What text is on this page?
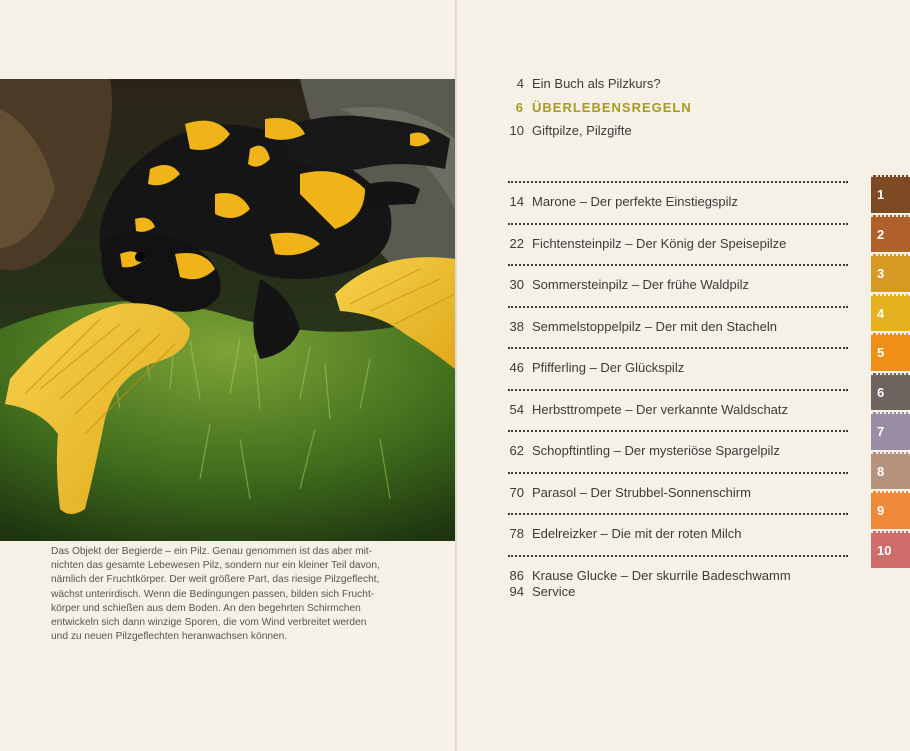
Das Objekt der Begierde – ein Pilz. Genau genommen ist das aber mit-
nichten das gesamte Lebewesen Pilz, sondern nur ein kleiner Teil davon,
nämlich der Fruchtkörper. Der weit größere Part, das riesige Pilzgeflecht,
wächst unterirdisch. Wenn die Bedingungen passen, bilden sich Frucht-
körper und schießen aus dem Boden. An den begehrten Schirmchen
entwickeln sich dann winzige Sporen, die vom Wind verbreitet werden
und zu neuen Pilzgeflechten heranwachsen können.
4 Ein Buch als Pilzkurs?
6 ÜBERLEBENSREGELN
10 Giftpilze, Pilzgifte
14 Marone – Der perfekte Einstiegspilz
22 Fichtensteinpilz – Der König der Speisepilze
30 Sommersteinpilz – Der frühe Waldpilz
38 Semmelstoppelpilz – Der mit den Stacheln
46 Pfifferling – Der Glückspilz
54 Herbsttrompete – Der verkannte Waldschatz
62 Schopftintling – Der mysteriöse Spargelpilz
70 Parasol – Der Strubbel-Sonnenschirm
78 Edelreizker – Die mit der roten Milch
86 Krause Glucke – Der skurrile Badeschwamm
94 Service
1
2
3
4
5
6
7
8
9
10
